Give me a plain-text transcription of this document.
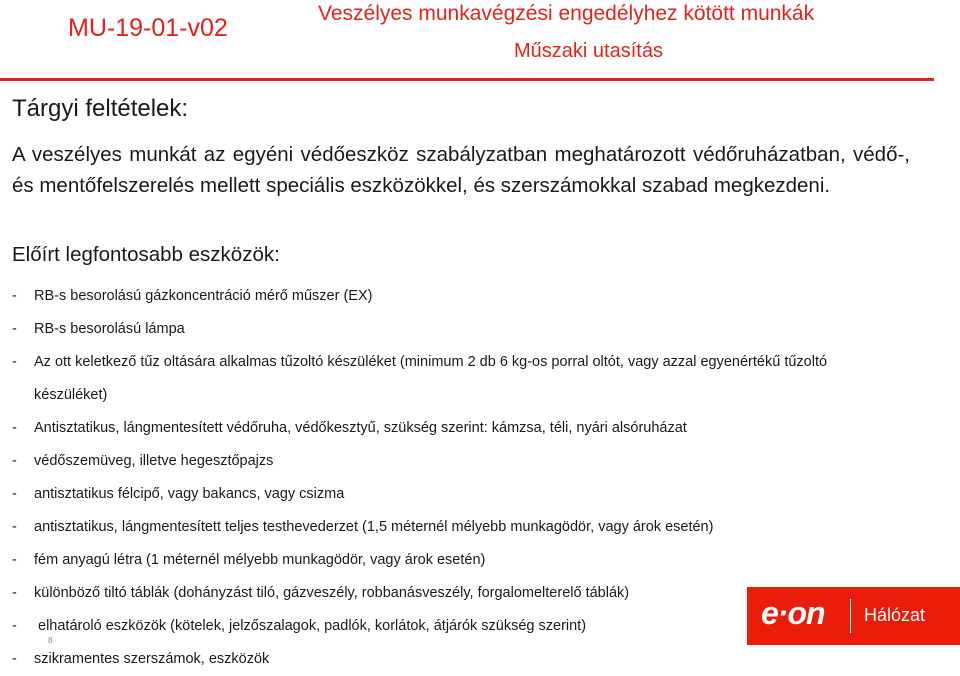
MU-19-01-v02
Veszélyes munkavégzési engedélyhez kötött munkák
Műszaki utasítás
Tárgyi feltételek:
A veszélyes munkát az egyéni védőeszköz szabályzatban meghatározott védőruházatban, védő-, és mentőfelszerelés mellett speciális eszközökkel, és szerszámokkal szabad megkezdeni.
Előírt legfontosabb eszközök:
- RB-s besorolású gázkoncentráció mérő műszer (EX)
- RB-s besorolású lámpa
- Az ott keletkező tűz oltására alkalmas tűzoltó készüléket (minimum 2 db 6 kg-os porral oltót, vagy azzal egyenértékű tűzoltó készüléket)
- Antisztatikus, lángmentesített védőruha, védőkesztyű, szükség szerint: kámzsa, téli, nyári alsóruházat
- védőszemüveg, illetve hegesztőpajzs
- antisztatikus félcipő, vagy bakancs, vagy csizma
- antisztatikus, lángmentesített teljes testhevederzet (1,5 méternél mélyebb munkagödör, vagy árok esetén)
- fém anyagú létra (1 méternél mélyebb munkagödör, vagy árok esetén)
- különböző tiltó táblák (dohányzást tiló, gázveszély, robbanásveszély, forgalomelterelő táblák)
- elhatároló eszközök (kötelek, jelzőszalagok, padlók, korlátok, átjárók szükség szerint)
- szikramentes szerszámok, eszközök
8
e·on Hálózat
